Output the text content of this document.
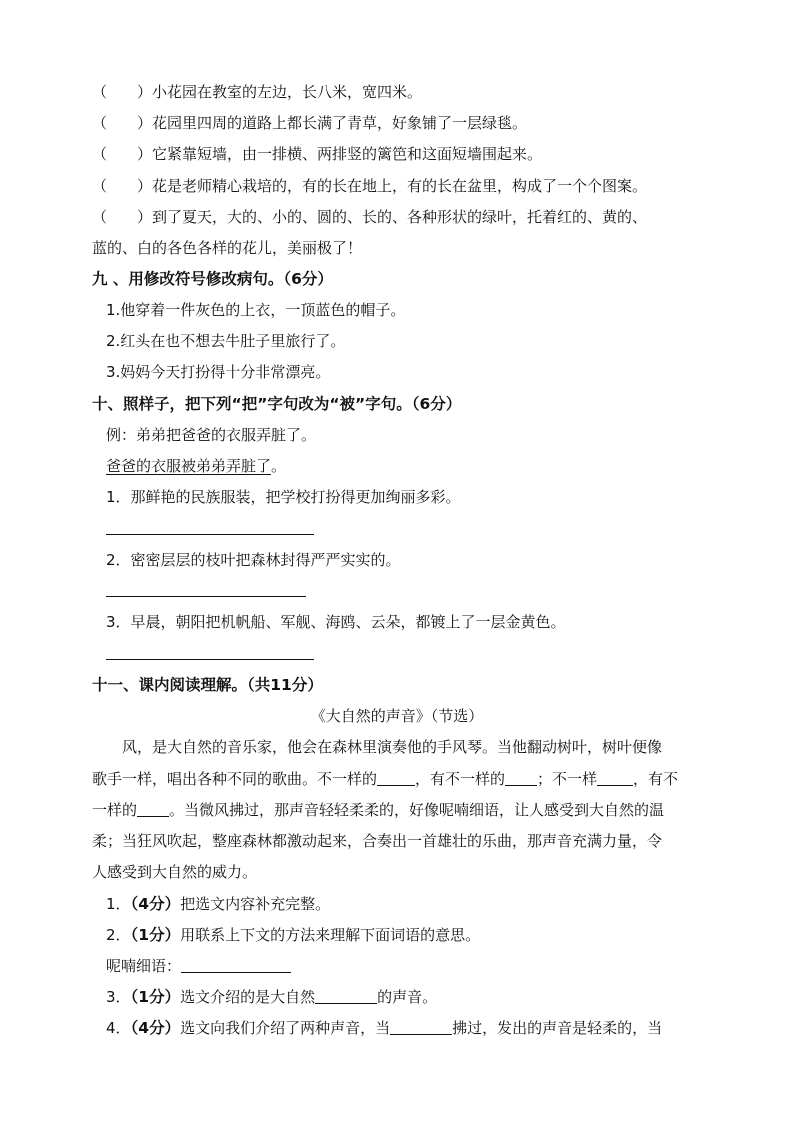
（　　）小花园在教室的左边，长八米，宽四米。
（　　）花园里四周的道路上都长满了青草，好象铺了一层绿毯。
（　　）它紧靠短墙，由一排横、两排竖的篱笆和这面短墙围起来。
（　　）花是老师精心栽培的，有的长在地上，有的长在盆里，构成了一个个图案。
（　　）到了夏天，大的、小的、圆的、长的、各种形状的绿叶，托着红的、黄的、
蓝的、白的各色各样的花儿，美丽极了！
九 、用修改符号修改病句。（6分）
1.他穿着一件灰色的上衣，一顶蓝色的帽子。
2.红头在也不想去牛肚子里旅行了。
3.妈妈今天打扮得十分非常漂亮。
十、照样子，把下列“把”字句改为“被”字句。（6分）
例：弟弟把爸爸的衣服弄脏了。
爸爸的衣服被弟弟弄脏了。
1．那鲜艳的民族服装，把学校打扮得更加绚丽多彩。
2．密密层层的枝叶把森林封得严严实实的。
3．早晨，朝阳把机帆船、军舰、海鸥、云朵，都镀上了一层金黄色。
十一、课内阅读理解。（共11分）
《大自然的声音》（节选）
　　风，是大自然的音乐家，他会在森林里演奏他的手风琴。当他翻动树叶，树叶便像
歌手一样，唱出各种不同的歌曲。不一样的	，有不一样的 ；不一样 ，有不
一样的 。当微风拂过，那声音轻轻柔柔的，好像呢喃细语，让人感受到大自然的温
柔；当狂风吹起，整座森林都激动起来，合奏出一首雄壮的乐曲，那声音充满力量，令
人感受到大自然的威力。
1．（4分）把选文内容补充完整。
2．（1分）用联系上下文的方法来理解下面词语的意思。
呢喃细语：
3．（1分）选文介绍的是大自然	的声音。
4．（4分）选文向我们介绍了两种声音，当	拂过，发出的声音是轻柔的，当
